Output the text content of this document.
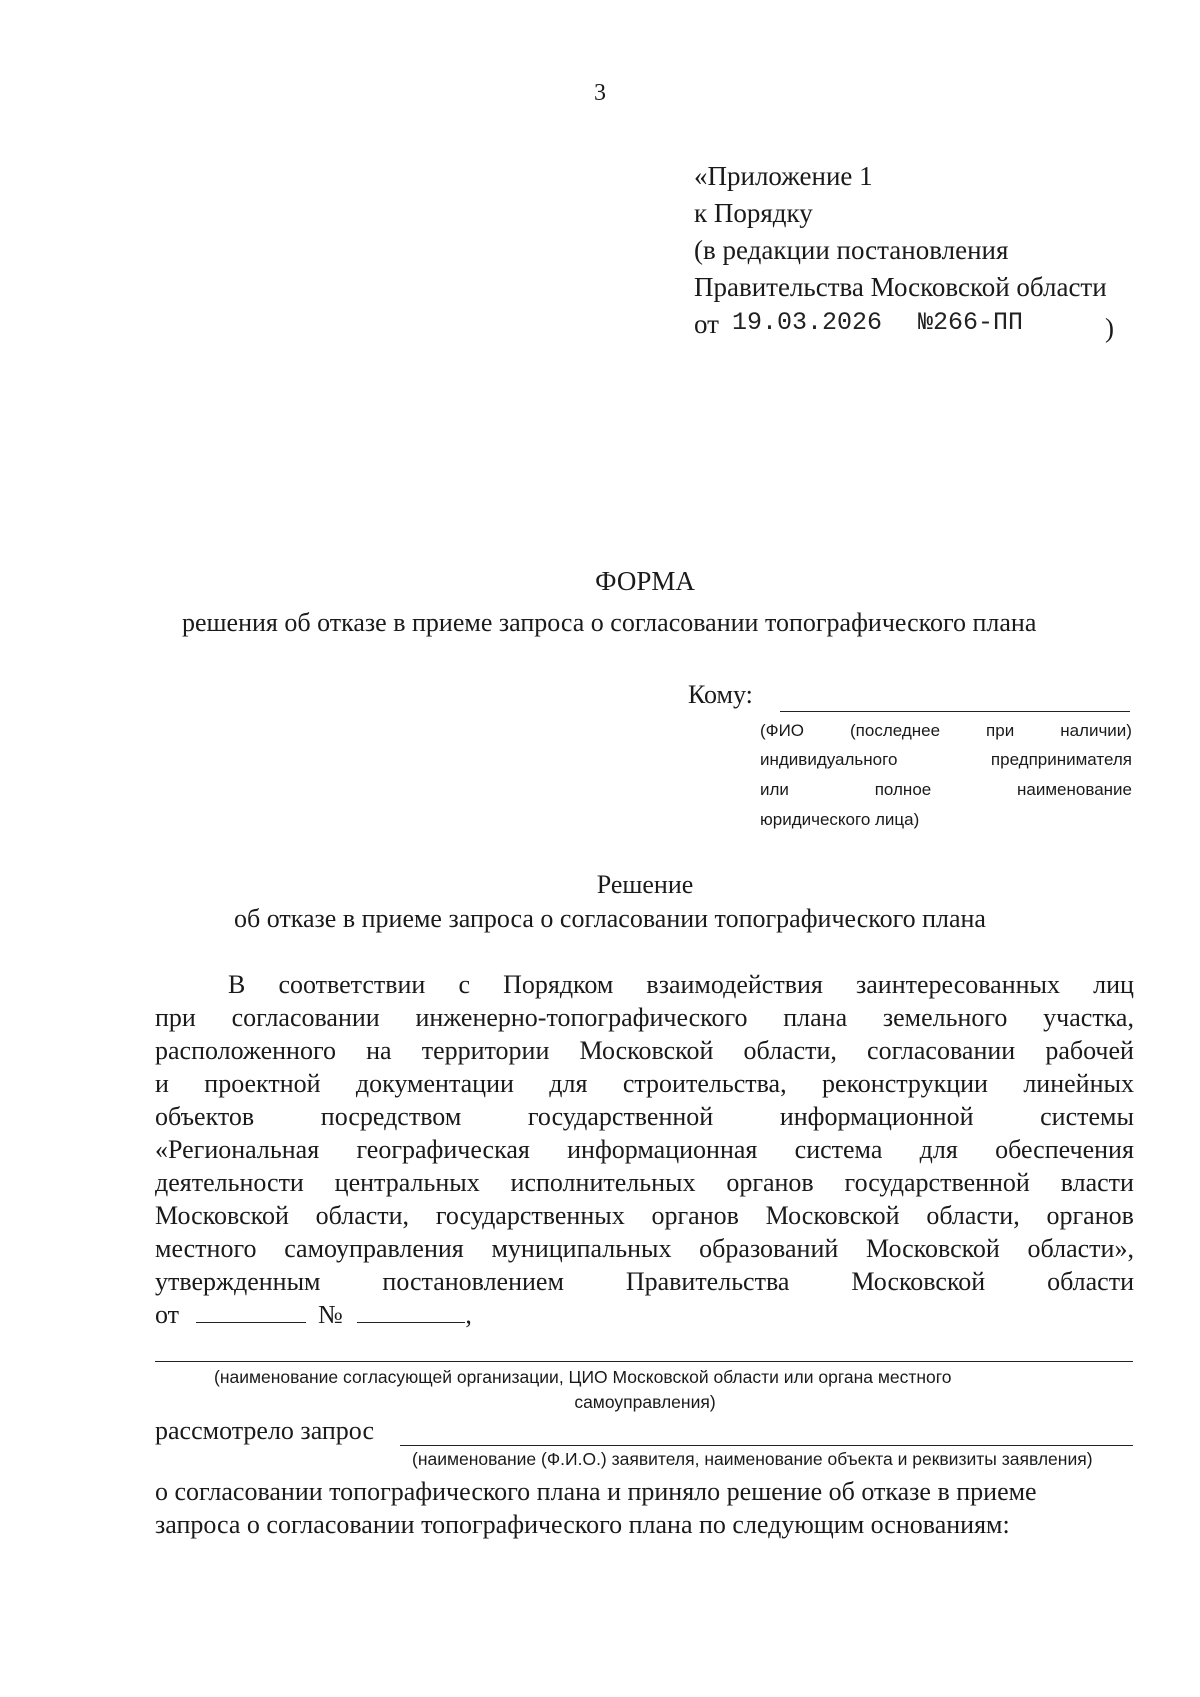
3
«Приложение 1
к Порядку
(в редакции постановления
Правительства Московской области
от 19.03.2026 №266-ПП	)
ФОРМА
решения об отказе в приеме запроса о согласовании топографического плана
Кому:
(ФИО	(последнее	при	наличии)
индивидуального	предпринимателя
или	полное	наименование
юридического лица)
Решение
об отказе в приеме запроса о согласовании топографического плана
В соответствии с Порядком взаимодействия заинтересованных лиц
при согласовании инженерно-топографического плана земельного участка,
расположенного на территории Московской области, согласовании рабочей
и проектной документации для строительства, реконструкции линейных
объектов	посредством	государственной	информационной	системы
«Региональная географическая информационная система для обеспечения
деятельности центральных исполнительных органов государственной власти
Московской области, государственных органов Московской области, органов
местного самоуправления муниципальных образований Московской области»,
утвержденным постановлением Правительства Московской области
от	№	,
(наименование согласующей организации, ЦИО Московской области или органа местного
самоуправления)
рассмотрело запрос
(наименование (Ф.И.О.) заявителя, наименование объекта и реквизиты заявления)
о согласовании топографического плана и приняло решение об отказе в приеме
запроса о согласовании топографического плана по следующим основаниям:
